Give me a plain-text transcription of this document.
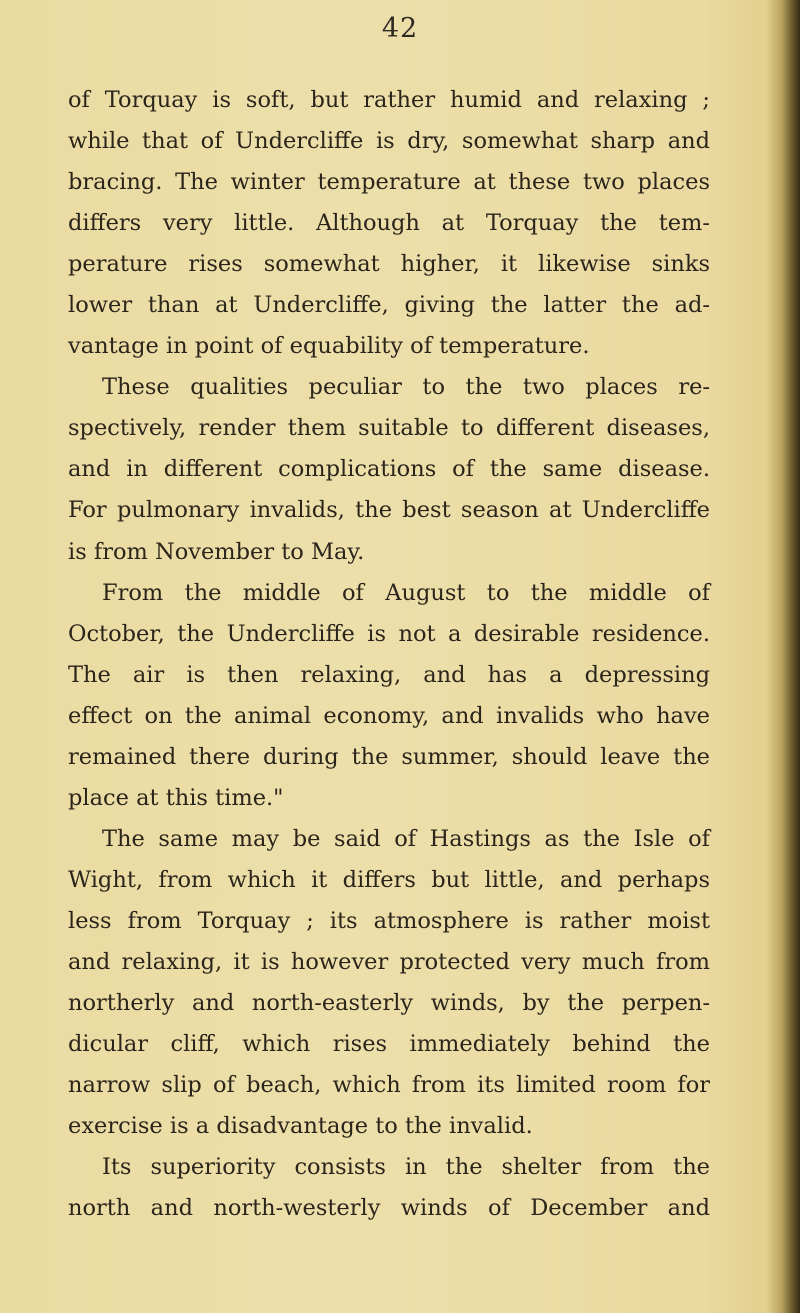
42
of Torquay is soft, but rather humid and relaxing ;
while that of Undercliffe is dry, somewhat sharp and
bracing. The winter temperature at these two places
differs very little. Although at Torquay the tem-
perature rises somewhat higher, it likewise sinks
lower than at Undercliffe, giving the latter the ad-
vantage in point of equability of temperature.
These qualities peculiar to the two places re-
spectively, render them suitable to different diseases,
and in different complications of the same disease.
For pulmonary invalids, the best season at Undercliffe
is from November to May.
From the middle of August to the middle of
October, the Undercliffe is not a desirable residence.
The air is then relaxing, and has a depressing
effect on the animal economy, and invalids who have
remained there during the summer, should leave the
place at this time."
The same may be said of Hastings as the Isle of
Wight, from which it differs but little, and perhaps
less from Torquay ; its atmosphere is rather moist
and relaxing, it is however protected very much from
northerly and north-easterly winds, by the perpen-
dicular cliff, which rises immediately behind the
narrow slip of beach, which from its limited room for
exercise is a disadvantage to the invalid.
Its superiority consists in the shelter from the
north and north-westerly winds of December and
